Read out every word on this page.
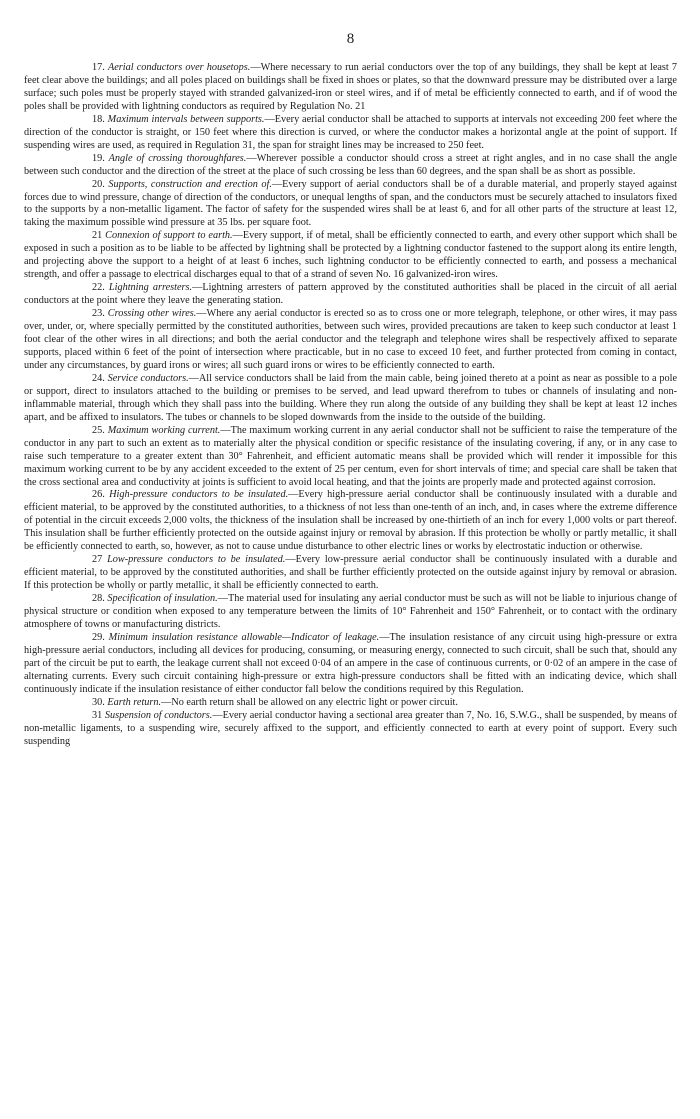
8

17. Aerial conductors over housetops.—Where necessary to run aerial conductors over the top of any buildings, they shall be kept at least 7 feet clear above the buildings; and all poles placed on buildings shall be fixed in shoes or plates, so that the downward pressure may be distributed over a large surface; such poles must be properly stayed with stranded galvanized-iron or steel wires, and if of metal be efficiently connected to earth, and if of wood the poles shall be provided with lightning conductors as required by Regulation No. 21

18. Maximum intervals between supports.—Every aerial conductor shall be attached to supports at intervals not exceeding 200 feet where the direction of the conductor is straight, or 150 feet where this direction is curved, or where the conductor makes a horizontal angle at the point of support. If suspending wires are used, as required in Regulation 31, the span for straight lines may be increased to 250 feet.

19. Angle of crossing thoroughfares.—Wherever possible a conductor should cross a street at right angles, and in no case shall the angle between such conductor and the direction of the street at the place of such crossing be less than 60 degrees, and the span shall be as short as possible.

20. Supports, construction and erection of.—Every support of aerial conductors shall be of a durable material, and properly stayed against forces due to wind pressure, change of direction of the conductors, or unequal lengths of span, and the conductors must be securely attached to insulators fixed to the supports by a non-metallic ligament. The factor of safety for the suspended wires shall be at least 6, and for all other parts of the structure at least 12, taking the maximum possible wind pressure at 35 lbs. per square foot.

21 Connexion of support to earth.—Every support, if of metal, shall be efficiently connected to earth, and every other support which shall be exposed in such a position as to be liable to be affected by lightning shall be protected by a lightning conductor fastened to the support along its entire length, and projecting above the support to a height of at least 6 inches, such lightning conductor to be efficiently connected to earth, and possess a mechanical strength, and offer a passage to electrical discharges equal to that of a strand of seven No. 16 galvanized-iron wires.

22. Lightning arresters.—Lightning arresters of pattern approved by the constituted authorities shall be placed in the circuit of all aerial conductors at the point where they leave the generating station.

23. Crossing other wires.—Where any aerial conductor is erected so as to cross one or more telegraph, telephone, or other wires, it may pass over, under, or, where specially permitted by the constituted authorities, between such wires, provided precautions are taken to keep such conductor at least 1 foot clear of the other wires in all directions; and both the aerial conductor and the telegraph and telephone wires shall be respectively affixed to separate supports, placed within 6 feet of the point of intersection where practicable, but in no case to exceed 10 feet, and further protected from coming in contact, under any circumstances, by guard irons or wires; all such guard irons or wires to be efficiently connected to earth.

24. Service conductors.—All service conductors shall be laid from the main cable, being joined thereto at a point as near as possible to a pole or support, direct to insulators attached to the building or premises to be served, and lead upward therefrom to tubes or channels of insulating and non-inflammable material, through which they shall pass into the building. Where they run along the outside of any building they shall be kept at least 12 inches apart, and be affixed to insulators. The tubes or channels to be sloped downwards from the inside to the outside of the building.

25. Maximum working current.—The maximum working current in any aerial conductor shall not be sufficient to raise the temperature of the conductor in any part to such an extent as to materially alter the physical condition or specific resistance of the insulating covering, if any, or in any case to raise such temperature to a greater extent than 30° Fahrenheit, and efficient automatic means shall be provided which will render it impossible for this maximum working current to be by any accident exceeded to the extent of 25 per centum, even for short intervals of time; and special care shall be taken that the cross sectional area and conductivity at joints is sufficient to avoid local heating, and that the joints are properly made and protected against corrosion.

26. High-pressure conductors to be insulated.—Every high-pressure aerial conductor shall be continuously insulated with a durable and efficient material, to be approved by the constituted authorities, to a thickness of not less than one-tenth of an inch, and, in cases where the extreme difference of potential in the circuit exceeds 2,000 volts, the thickness of the insulation shall be increased by one-thirtieth of an inch for every 1,000 volts or part thereof. This insulation shall be further efficiently protected on the outside against injury or removal by abrasion. If this protection be wholly or partly metallic, it shall be efficiently connected to earth, so, however, as not to cause undue disturbance to other electric lines or works by electrostatic induction or otherwise.

27 Low-pressure conductors to be insulated.—Every low-pressure aerial conductor shall be continuously insulated with a durable and efficient material, to be approved by the constituted authorities, and shall be further efficiently protected on the outside against injury by removal or abrasion. If this protection be wholly or partly metallic, it shall be efficiently connected to earth.

28. Specification of insulation.—The material used for insulating any aerial conductor must be such as will not be liable to injurious change of physical structure or condition when exposed to any temperature between the limits of 10° Fahrenheit and 150° Fahrenheit, or to contact with the ordinary atmosphere of towns or manufacturing districts.

29. Minimum insulation resistance allowable—Indicator of leakage.—The insulation resistance of any circuit using high-pressure or extra high-pressure aerial conductors, including all devices for producing, consuming, or measuring energy, connected to such circuit, shall be such that, should any part of the circuit be put to earth, the leakage current shall not exceed 0·04 of an ampere in the case of continuous currents, or 0·02 of an ampere in the case of alternating currents. Every such circuit containing high-pressure or extra high-pressure conductors shall be fitted with an indicating device, which shall continuously indicate if the insulation resistance of either conductor fall below the conditions required by this Regulation.

30. Earth return.—No earth return shall be allowed on any electric light or power circuit.

31 Suspension of conductors.—Every aerial conductor having a sectional area greater than 7, No. 16, S.W.G., shall be suspended, by means of non-metallic ligaments, to a suspending wire, securely affixed to the support, and efficiently connected to earth at every point of support. Every such suspending
